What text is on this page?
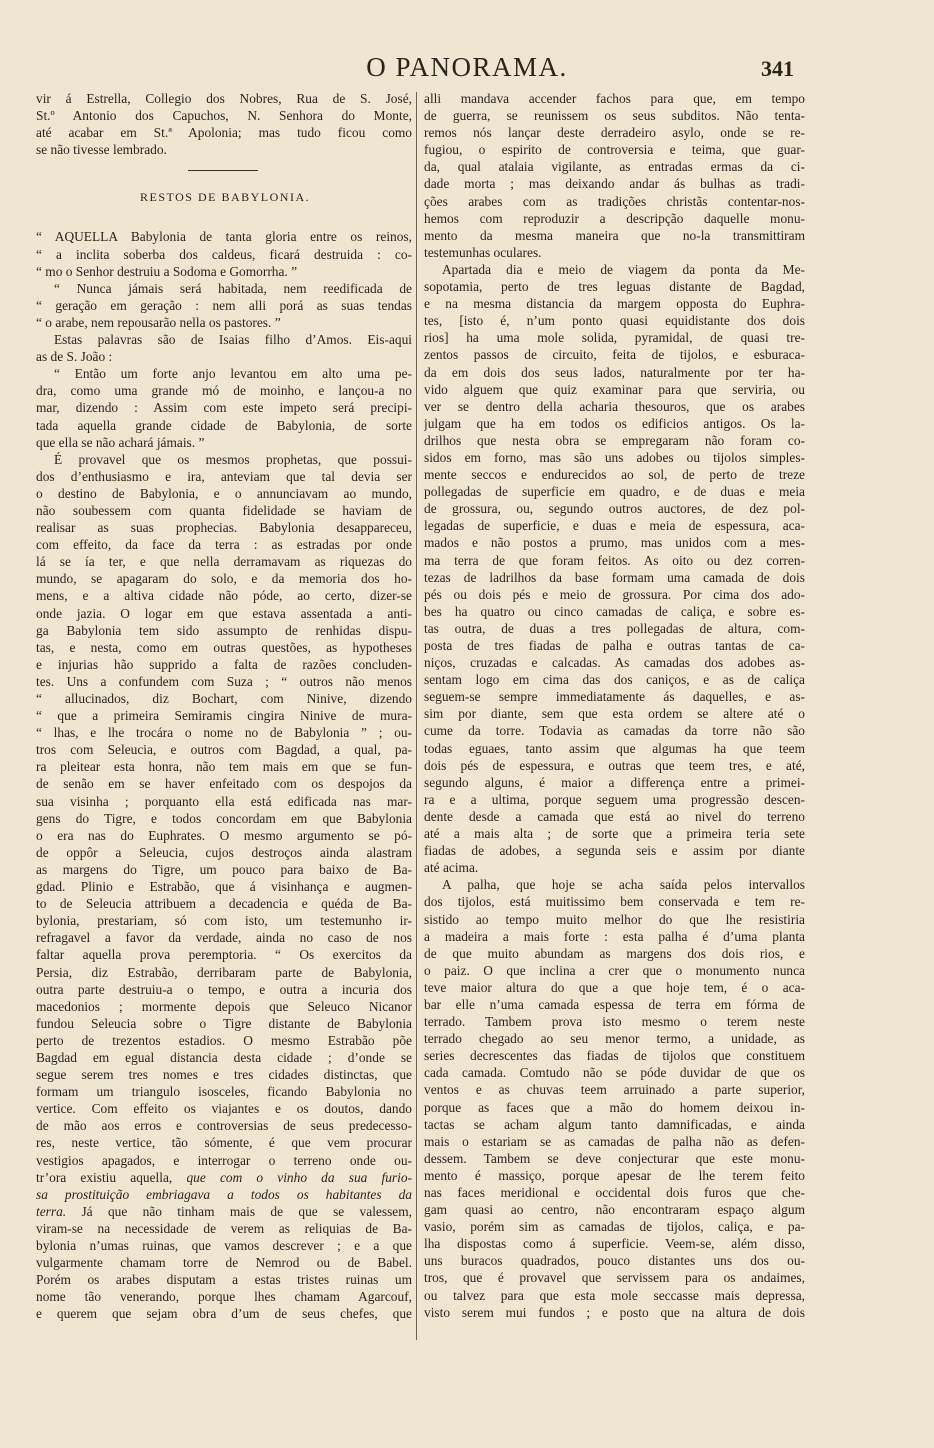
O PANORAMA.	341
vir á Estrella, Collegio dos Nobres, Rua de S. José,
St.º Antonio dos Capuchos, N. Senhora do Monte,
até acabar em St.ª Apolonia; mas tudo ficou como
se não tivesse lembrado.
RESTOS DE BABYLONIA.
“ AQUELLA Babylonia de tanta gloria entre os reinos,
“ a inclita soberba dos caldeus, ficará destruida : co-
“ mo o Senhor destruiu a Sodoma e Gomorrha. ”
“ Nunca jámais será habitada, nem reedificada de
“ geração em geração : nem alli porá as suas tendas
“ o arabe, nem repousarão nella os pastores. ”
Estas palavras são de Isaias filho d’Amos. Eis-aqui
as de S. João :
“ Então um forte anjo levantou em alto uma pe-
dra, como uma grande mó de moinho, e lançou-a no
mar, dizendo : Assim com este impeto será precipi-
tada aquella grande cidade de Babylonia, de sorte
que ella se não achará jámais. ”
É provavel que os mesmos prophetas, que possui-
dos d’enthusiasmo e ira, anteviam que tal devia ser
o destino de Babylonia, e o annunciavam ao mundo,
não soubessem com quanta fidelidade se haviam de
realisar as suas prophecias. Babylonia desappareceu,
com effeito, da face da terra : as estradas por onde
lá se ía ter, e que nella derramavam as riquezas do
mundo, se apagaram do solo, e da memoria dos ho-
mens, e a altiva cidade não póde, ao certo, dizer-se
onde jazia. O logar em que estava assentada a anti-
ga Babylonia tem sido assumpto de renhidas dispu-
tas, e nesta, como em outras questões, as hypotheses
e injurias hão supprido a falta de razões concluden-
tes. Uns a confundem com Suza ; “ outros não menos
“ allucinados, diz Bochart, com Ninive, dizendo
“ que a primeira Semiramis cingira Ninive de mura-
“ lhas, e lhe trocára o nome no de Babylonia ” ; ou-
tros com Seleucia, e outros com Bagdad, a qual, pa-
ra pleitear esta honra, não tem mais em que se fun-
de senão em se haver enfeitado com os despojos da
sua visinha ; porquanto ella está edificada nas mar-
gens do Tigre, e todos concordam em que Babylonia
o era nas do Euphrates. O mesmo argumento se pó-
de oppôr a Seleucia, cujos destroços ainda alastram
as margens do Tigre, um pouco para baixo de Ba-
gdad. Plinio e Estrabão, que á visinhança e augmen-
to de Seleucia attribuem a decadencia e quéda de Ba-
bylonia, prestariam, só com isto, um testemunho ir-
refragavel a favor da verdade, ainda no caso de nos
faltar aquella prova peremptoria. “ Os exercitos da
Persia, diz Estrabão, derribaram parte de Babylonia,
outra parte destruiu-a o tempo, e outra a incuria dos
macedonios ; mormente depois que Seleuco Nicanor
fundou Seleucia sobre o Tigre distante de Babylonia
perto de trezentos estadios. O mesmo Estrabão põe
Bagdad em egual distancia desta cidade ; d’onde se
segue serem tres nomes e tres cidades distinctas, que
formam um triangulo isosceles, ficando Babylonia no
vertice. Com effeito os viajantes e os doutos, dando
de mão aos erros e controversias de seus predecesso-
res, neste vertice, tão sómente, é que vem procurar
vestigios apagados, e interrogar o terreno onde ou-
tr’ora existiu aquella, que com o vinho da sua furio-
sa prostituição embriagava a todos os habitantes da
terra. Já que não tinham mais de que se valessem,
viram-se na necessidade de verem as reliquias de Ba-
bylonia n’umas ruinas, que vamos descrever ; e a que
vulgarmente chamam torre de Nemrod ou de Babel.
Porém os arabes disputam a estas tristes ruinas um
nome tão venerando, porque lhes chamam Agarcouf,
e querem que sejam obra d’um de seus chefes, que
alli mandava accender fachos para que, em tempo
de guerra, se reunissem os seus subditos. Não tenta-
remos nós lançar deste derradeiro asylo, onde se re-
fugiou, o espirito de controversia e teima, que guar-
da, qual atalaia vigilante, as entradas ermas da ci-
dade morta ; mas deixando andar ás bulhas as tradi-
ções arabes com as tradições christãs contentar-nos-
hemos com reproduzir a descripção daquelle monu-
mento da mesma maneira que no-la transmittiram
testemunhas oculares.
Apartada dia e meio de viagem da ponta da Me-
sopotamia, perto de tres leguas distante de Bagdad,
e na mesma distancia da margem opposta do Euphra-
tes, [isto é, n’um ponto quasi equidistante dos dois
rios] ha uma mole solida, pyramidal, de quasi tre-
zentos passos de circuito, feita de tijolos, e esburaca-
da em dois dos seus lados, naturalmente por ter ha-
vido alguem que quiz examinar para que serviria, ou
ver se dentro della acharia thesouros, que os arabes
julgam que ha em todos os edificios antigos. Os la-
drilhos que nesta obra se empregaram não foram co-
sidos em forno, mas são uns adobes ou tijolos simples-
mente seccos e endurecidos ao sol, de perto de treze
pollegadas de superficie em quadro, e de duas e meia
de grossura, ou, segundo outros auctores, de dez pol-
legadas de superficie, e duas e meia de espessura, aca-
mados e não postos a prumo, mas unidos com a mes-
ma terra de que foram feitos. As oito ou dez corren-
tezas de ladrilhos da base formam uma camada de dois
pés ou dois pés e meio de grossura. Por cima dos ado-
bes ha quatro ou cinco camadas de caliça, e sobre es-
tas outra, de duas a tres pollegadas de altura, com-
posta de tres fiadas de palha e outras tantas de ca-
niços, cruzadas e calcadas. As camadas dos adobes as-
sentam logo em cima das dos caniços, e as de caliça
seguem-se sempre immediatamente ás daquelles, e as-
sim por diante, sem que esta ordem se altere até o
cume da torre. Todavia as camadas da torre não são
todas eguaes, tanto assim que algumas ha que teem
dois pés de espessura, e outras que teem tres, e até,
segundo alguns, é maior a differença entre a primei-
ra e a ultima, porque seguem uma progressão descen-
dente desde a camada que está ao nivel do terreno
até a mais alta ; de sorte que a primeira teria sete
fiadas de adobes, a segunda seis e assim por diante
até acima.
A palha, que hoje se acha saída pelos intervallos
dos tijolos, está muitissimo bem conservada e tem re-
sistido ao tempo muito melhor do que lhe resistiria
a madeira a mais forte : esta palha é d’uma planta
de que muito abundam as margens dos dois rios, e
o paiz. O que inclina a crer que o monumento nunca
teve maior altura do que a que hoje tem, é o aca-
bar elle n’uma camada espessa de terra em fórma de
terrado. Tambem prova isto mesmo o terem neste
terrado chegado ao seu menor termo, a unidade, as
series decrescentes das fiadas de tijolos que constituem
cada camada. Comtudo não se póde duvidar de que os
ventos e as chuvas teem arruinado a parte superior,
porque as faces que a mão do homem deixou in-
tactas se acham algum tanto damnificadas, e ainda
mais o estariam se as camadas de palha não as defen-
dessem. Tambem se deve conjecturar que este monu-
mento é massiço, porque apesar de lhe terem feito
nas faces meridional e occidental dois furos que che-
gam quasi ao centro, não encontraram espaço algum
vasio, porém sim as camadas de tijolos, caliça, e pa-
lha dispostas como á superficie. Veem-se, além disso,
uns buracos quadrados, pouco distantes uns dos ou-
tros, que é provavel que servissem para os andaimes,
ou talvez para que esta mole seccasse mais depressa,
visto serem mui fundos ; e posto que na altura de dois
